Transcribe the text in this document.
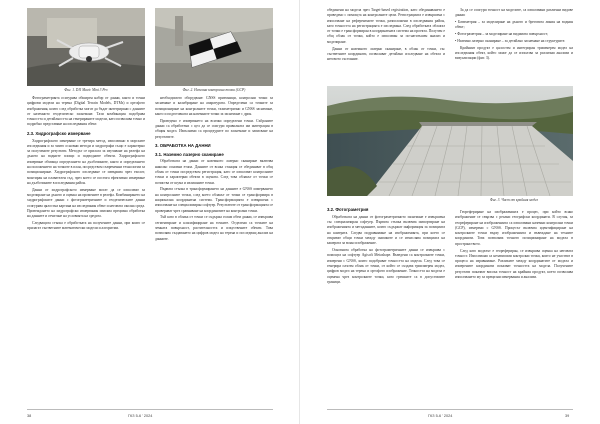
Фиг. 1. DJI Mavic Mini 3 Pro	Фиг. 2. Наземна контролна точка (GCP)

Фотограметрията осигурява обширен набор от данни, както и точни цифрови модели на терена (Digital Terrain Models, DTMs) и ортофото изображения, които след обработка могат да бъдат интегрирани с данните от наземното геодезическо заснемане. Тази комбинация подобрява точността и детайлността на генерираните модели, като позволява точно и подробно представяне на изследвания обект.

2.3. Хидрографско измерване

Хидрографското измерване се третира метод, използвано в морските изследвания и за чиито основни методи и хидрографи също е характерно за получените резултати. Методът се прилага за изучаване на релефа на дъното на водните площи и подводните обекти. Хидрографското измерване обхваща определянето на дълбочините, както и определянето на положението на точките в план, посредством съвременни технологии за позициониране. Хидрографското изследване се извършва чрез ехолот, монтиран на плавателен съд, чрез което се постига ефективно измерване на дълбочините в изследвания район.

Данни от хидрографското измерване могат да се използват за моделиране на дъното и оценка на промените в релефа. Комбинирането на хидрографските данни с фотограметричните и геодезическите данни осигурява цялостна картина на изследвания обект и неговата околна среда. Провеждането на хидрографски измервания изисква прецизна обработка на данните и отчитане на условията на средата.

Следващата стъпка е обработката на получените данни, при която се прилагат съответните математически модели и алгоритми.

необходимото оборудване: GNSS приемници, контролни точки за заснемане и калибриране на апаратурата. Определени са точките за позициониране на контролните точки, тахиметрично и GNSS заснемане, както и подготовката на наземните точки за заснемане с дрон.

Проведено е измерването на всички определени точки. Събраните данни са обработени с цел да се осигури правилната им интеграция в общия модел. Изпълнени са процедурите по заснемане и записване на резултатите.

3. ОБРАБОТКА НА ДАННИ
3.1. Наземно лазерно сканиране

Обработката на данни от наземното лазерно сканиране включва няколко основни етапа. Данните от всяка станция се обединяват в общ облак от точки посредством регистрация, като се използват контролните точки и характерни обекти в сцената. След това облакът от точки се почиства от шума и излишните точки.

Първата стъпка в трансформирането на данните е GNSS измерването на контролните точки, след което облакът от точки се трансформира в национална координатна система. Трансформацията е извършена с използване на специализиран софтуер. Резултатите от трансформацията се проверяват чрез сравняване на координатите на контролни точки.

Тъй като в облака от точки се съдържа голям обем данни, се извършва сегментиране и класифициране на точките. Отделени са точките на земната повърхност, растителността и изкуствените обекти. Това позволява създаването на цифров модел на терена и последващ анализ на данните.

38	ГКЗ 5-6 ' 2024

обединени на модела чрез Target-based registration, като обединяването е проведено с помощта на контролните цели. Регистрацията е извършена с използване на референтните точки, разположени в изследвания район, като точността на регистрацията е изследвана. След обработката облакът от точки е трансформиран в координатната система на проекта. Получен е общ облак от точки, който е използван за по-нататъшен анализ и моделиране.

Данни от наземното лазерно сканиране, в облак от точки, със съответните координати, позволяват детайлно изследване на обекта и неговото състояние.

За да се осигури точност на моделите, са използвани различни видове данни:

• Батиметрия – за моделиране на дъното и бреговата линия на водния обект;

• Фотограметрия – за моделиране на видимата повърхност;

• Наземно лазерно сканиране – за детайлно заснемане на структурите.

Крайният продукт е цялостен и интегриран триизмерен модел на изследвания обект, който може да се използва за различни анализи и визуализации (фиг. 3).

Фиг. 3. Част от крайния модел
3.2. Фотограметрия

Обработката на данни от фотограметричното заснемане е извършена със специализиран софтуер. Първата стъпка включва импортиране на изображенията и метаданните, които съдържат информация за позицията на камерата. Следва подравняване на изображенията, при което се откриват общи точки между снимките и се изчислява позицията на камерата за всяко изображение.

Основната обработка на фотограметричните данни се извършва с помощта на софтуер Agisoft Metashape. Въведени са контролните точки, измерени с GNSS, които подобряват точността на модела. След това се генерира плътен облак от точки, от който се създава триизмерен модел, цифров модел на терена и ортофото изображение. Точността на модела е оценена чрез контролните точки, като грешките са в допустимите граници.

Георефериране на изображенията е процес, при който всяко изображение се свързва с реални географски координати. В случая, за георефериране на изображенията са използвани наземни контролни точки (GCP), измерени с GNSS. Процесът включва идентифициране на контролните точки върху изображенията и въвеждане на техните координати. Това позволява точното позициониране на модела в пространството.

След като моделът е георефериран, се извършва оценка на неговата точност. Използвани са независими контролни точки, които не участват в процеса на изравняване. Разликите между координатите от модела и измерените координати показват точността на модела. Получените резултати показват висока точност на крайния продукт, което позволява използването му за прецизни измервания и анализи.

ГКЗ 5-6 ' 2024	39
